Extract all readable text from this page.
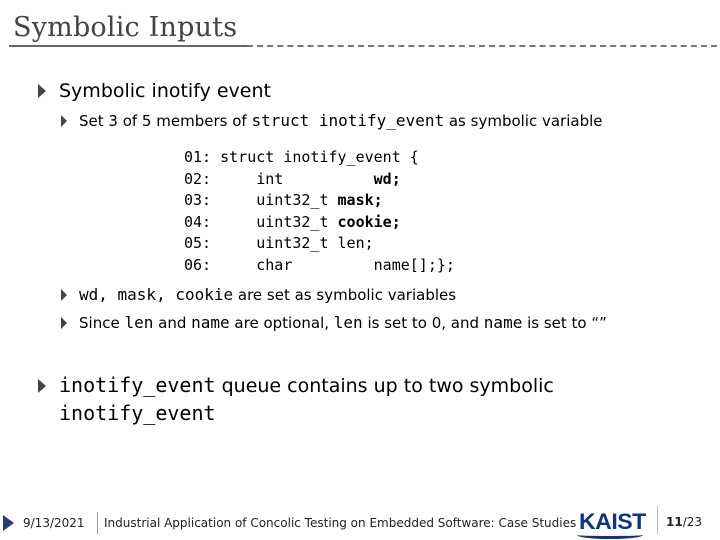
Symbolic Inputs
Symbolic inotify event
Set 3 of 5 members of struct inotify_event as symbolic variable
01: struct inotify_event {
02:     int          wd;
03:     uint32_t mask;
04:     uint32_t cookie;
05:     uint32_t len;
06:     char         name[];};
wd, mask, cookie are set as symbolic variables
Since len and name are optional, len is set to 0, and name is set to “”
inotify_event queue contains up to two symbolic
inotify_event
9/13/2021 Industrial Application of Concolic Testing on Embedded Software: Case Studies KAIST 11/23
